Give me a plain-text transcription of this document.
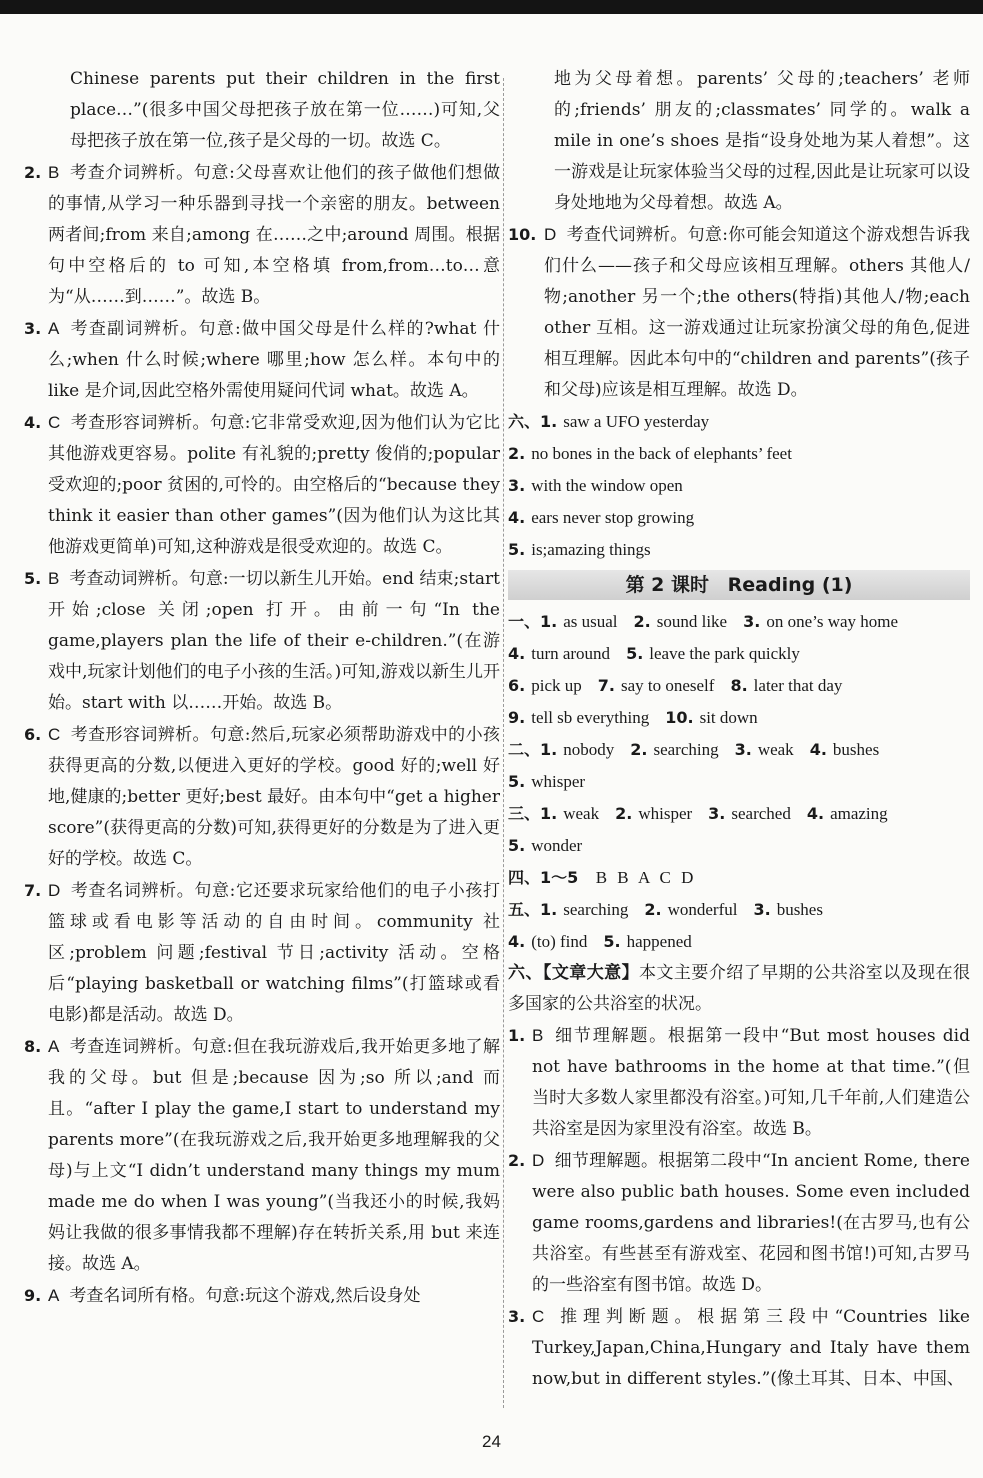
Chinese parents put their children in the first place…”(很多中国父母把孩子放在第一位……)可知,父母把孩子放在第一位,孩子是父母的一切。故选 C。

2. B 考查介词辨析。句意:父母喜欢让他们的孩子做他们想做的事情,从学习一种乐器到寻找一个亲密的朋友。between 两者间;from 来自;among 在……之中;around 周围。根据句中空格后的 to 可知,本空格填 from,from…to…意为“从……到……”。故选 B。

3. A 考查副词辨析。句意:做中国父母是什么样的?what 什么;when 什么时候;where 哪里;how 怎么样。本句中的 like 是介词,因此空格外需使用疑问代词 what。故选 A。

4. C 考查形容词辨析。句意:它非常受欢迎,因为他们认为它比其他游戏更容易。polite 有礼貌的;pretty 俊俏的;popular 受欢迎的;poor 贫困的,可怜的。由空格后的“because they think it easier than other games”(因为他们认为这比其他游戏更简单)可知,这种游戏是很受欢迎的。故选 C。

5. B 考查动词辨析。句意:一切以新生儿开始。end 结束;start 开始;close 关闭;open 打开。由前一句“In the game,players plan the life of their e-children.”(在游戏中,玩家计划他们的电子小孩的生活。)可知,游戏以新生儿开始。start with 以……开始。故选 B。

6. C 考查形容词辨析。句意:然后,玩家必须帮助游戏中的小孩获得更高的分数,以便进入更好的学校。good 好的;well 好地,健康的;better 更好;best 最好。由本句中“get a higher score”(获得更高的分数)可知,获得更好的分数是为了进入更好的学校。故选 C。

7. D 考查名词辨析。句意:它还要求玩家给他们的电子小孩打篮球或看电影等活动的自由时间。community 社区;problem 问题;festival 节日;activity 活动。空格后“playing basketball or watching films”(打篮球或看电影)都是活动。故选 D。

8. A 考查连词辨析。句意:但在我玩游戏后,我开始更多地了解我的父母。but 但是;because 因为;so 所以;and 而且。“after I play the game,I start to understand my parents more”(在我玩游戏之后,我开始更多地理解我的父母)与上文“I didn’t understand many things my mum made me do when I was young”(当我还小的时候,我妈妈让我做的很多事情我都不理解)存在转折关系,用 but 来连接。故选 A。

9. A 考查名词所有格。句意:玩这个游戏,然后设身处

地为父母着想。parents’ 父母的;teachers’ 老师的;friends’ 朋友的;classmates’ 同学的。walk a mile in one’s shoes 是指“设身处地为某人着想”。这一游戏是让玩家体验当父母的过程,因此是让玩家可以设身处地地为父母着想。故选 A。

10. D 考查代词辨析。句意:你可能会知道这个游戏想告诉我们什么——孩子和父母应该相互理解。others 其他人/物;another 另一个;the others(特指)其他人/物;each other 互相。这一游戏通过让玩家扮演父母的角色,促进相互理解。因此本句中的“children and parents”(孩子和父母)应该是相互理解。故选 D。

六、1. saw a UFO yesterday

2. no bones in the back of elephants’ feet

3. with the window open

4. ears never stop growing

5. is;amazing things

第 2 课时 Reading (1)

一、1. as usual 2. sound like 3. on one’s way home

4. turn around 5. leave the park quickly

6. pick up 7. say to oneself 8. later that day

9. tell sb everything 10. sit down

二、1. nobody 2. searching 3. weak 4. bushes

5. whisper

三、1. weak 2. whisper 3. searched 4. amazing

5. wonder

四、1～5 B B A C D

五、1. searching 2. wonderful 3. bushes

4. (to) find 5. happened

六、【文章大意】本文主要介绍了早期的公共浴室以及现在很多国家的公共浴室的状况。

1. B 细节理解题。根据第一段中“But most houses did not have bathrooms in the home at that time.”(但当时大多数人家里都没有浴室。)可知,几千年前,人们建造公共浴室是因为家里没有浴室。故选 B。

2. D 细节理解题。根据第二段中“In ancient Rome, there were also public bath houses. Some even included game rooms,gardens and libraries!(在古罗马,也有公共浴室。有些甚至有游戏室、花园和图书馆!)可知,古罗马的一些浴室有图书馆。故选 D。

3. C 推理判断题。根据第三段中“Countries like Turkey,Japan,China,Hungary and Italy have them now,but in different styles.”(像土耳其、日本、中国、

24
